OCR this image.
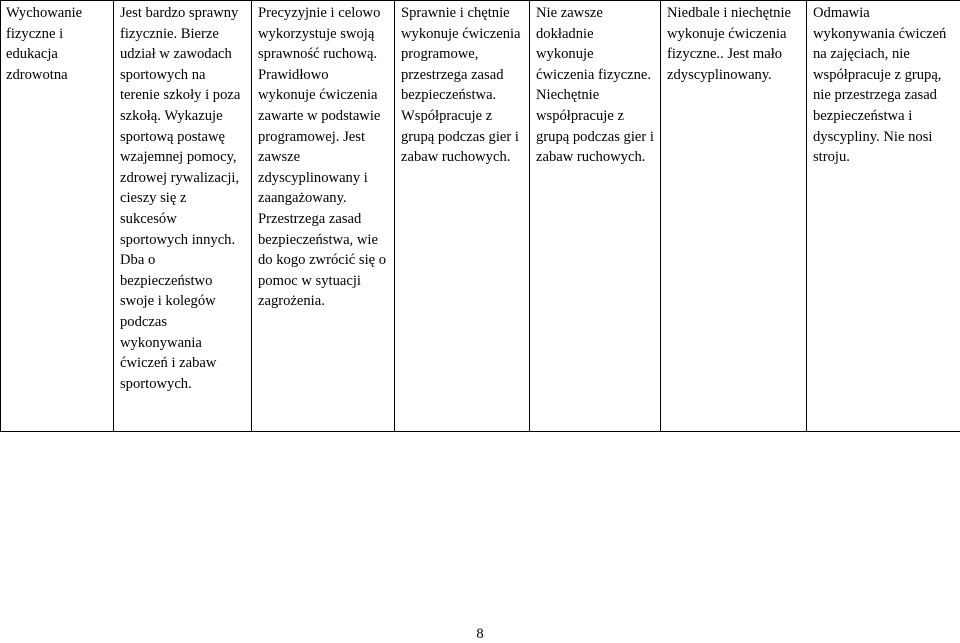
Wychowanie fizyczne i edukacja zdrowotna	Jest bardzo sprawny fizycznie. Bierze udział w zawodach sportowych na terenie szkoły i poza szkołą. Wykazuje sportową postawę wzajemnej pomocy, zdrowej rywalizacji, cieszy się z sukcesów sportowych innych. Dba o bezpieczeństwo swoje i kolegów podczas wykonywania ćwiczeń i zabaw sportowych.	Precyzyjnie i celowo wykorzystuje swoją sprawność ruchową. Prawidłowo wykonuje ćwiczenia zawarte w podstawie programowej. Jest zawsze zdyscyplinowany i zaangażowany. Przestrzega zasad bezpieczeństwa, wie do kogo zwrócić się o pomoc w sytuacji zagrożenia.	Sprawnie i chętnie wykonuje ćwiczenia programowe, przestrzega zasad bezpieczeństwa. Współpracuje z grupą podczas gier i zabaw ruchowych.	Nie zawsze dokładnie wykonuje ćwiczenia fizyczne. Niechętnie współpracuje z grupą podczas gier i zabaw ruchowych.	Niedbale i niechętnie wykonuje ćwiczenia fizyczne.. Jest mało zdyscyplinowany.	Odmawia wykonywania ćwiczeń na zajęciach, nie współpracuje z grupą, nie przestrzega zasad bezpieczeństwa i dyscypliny. Nie nosi stroju.
8
